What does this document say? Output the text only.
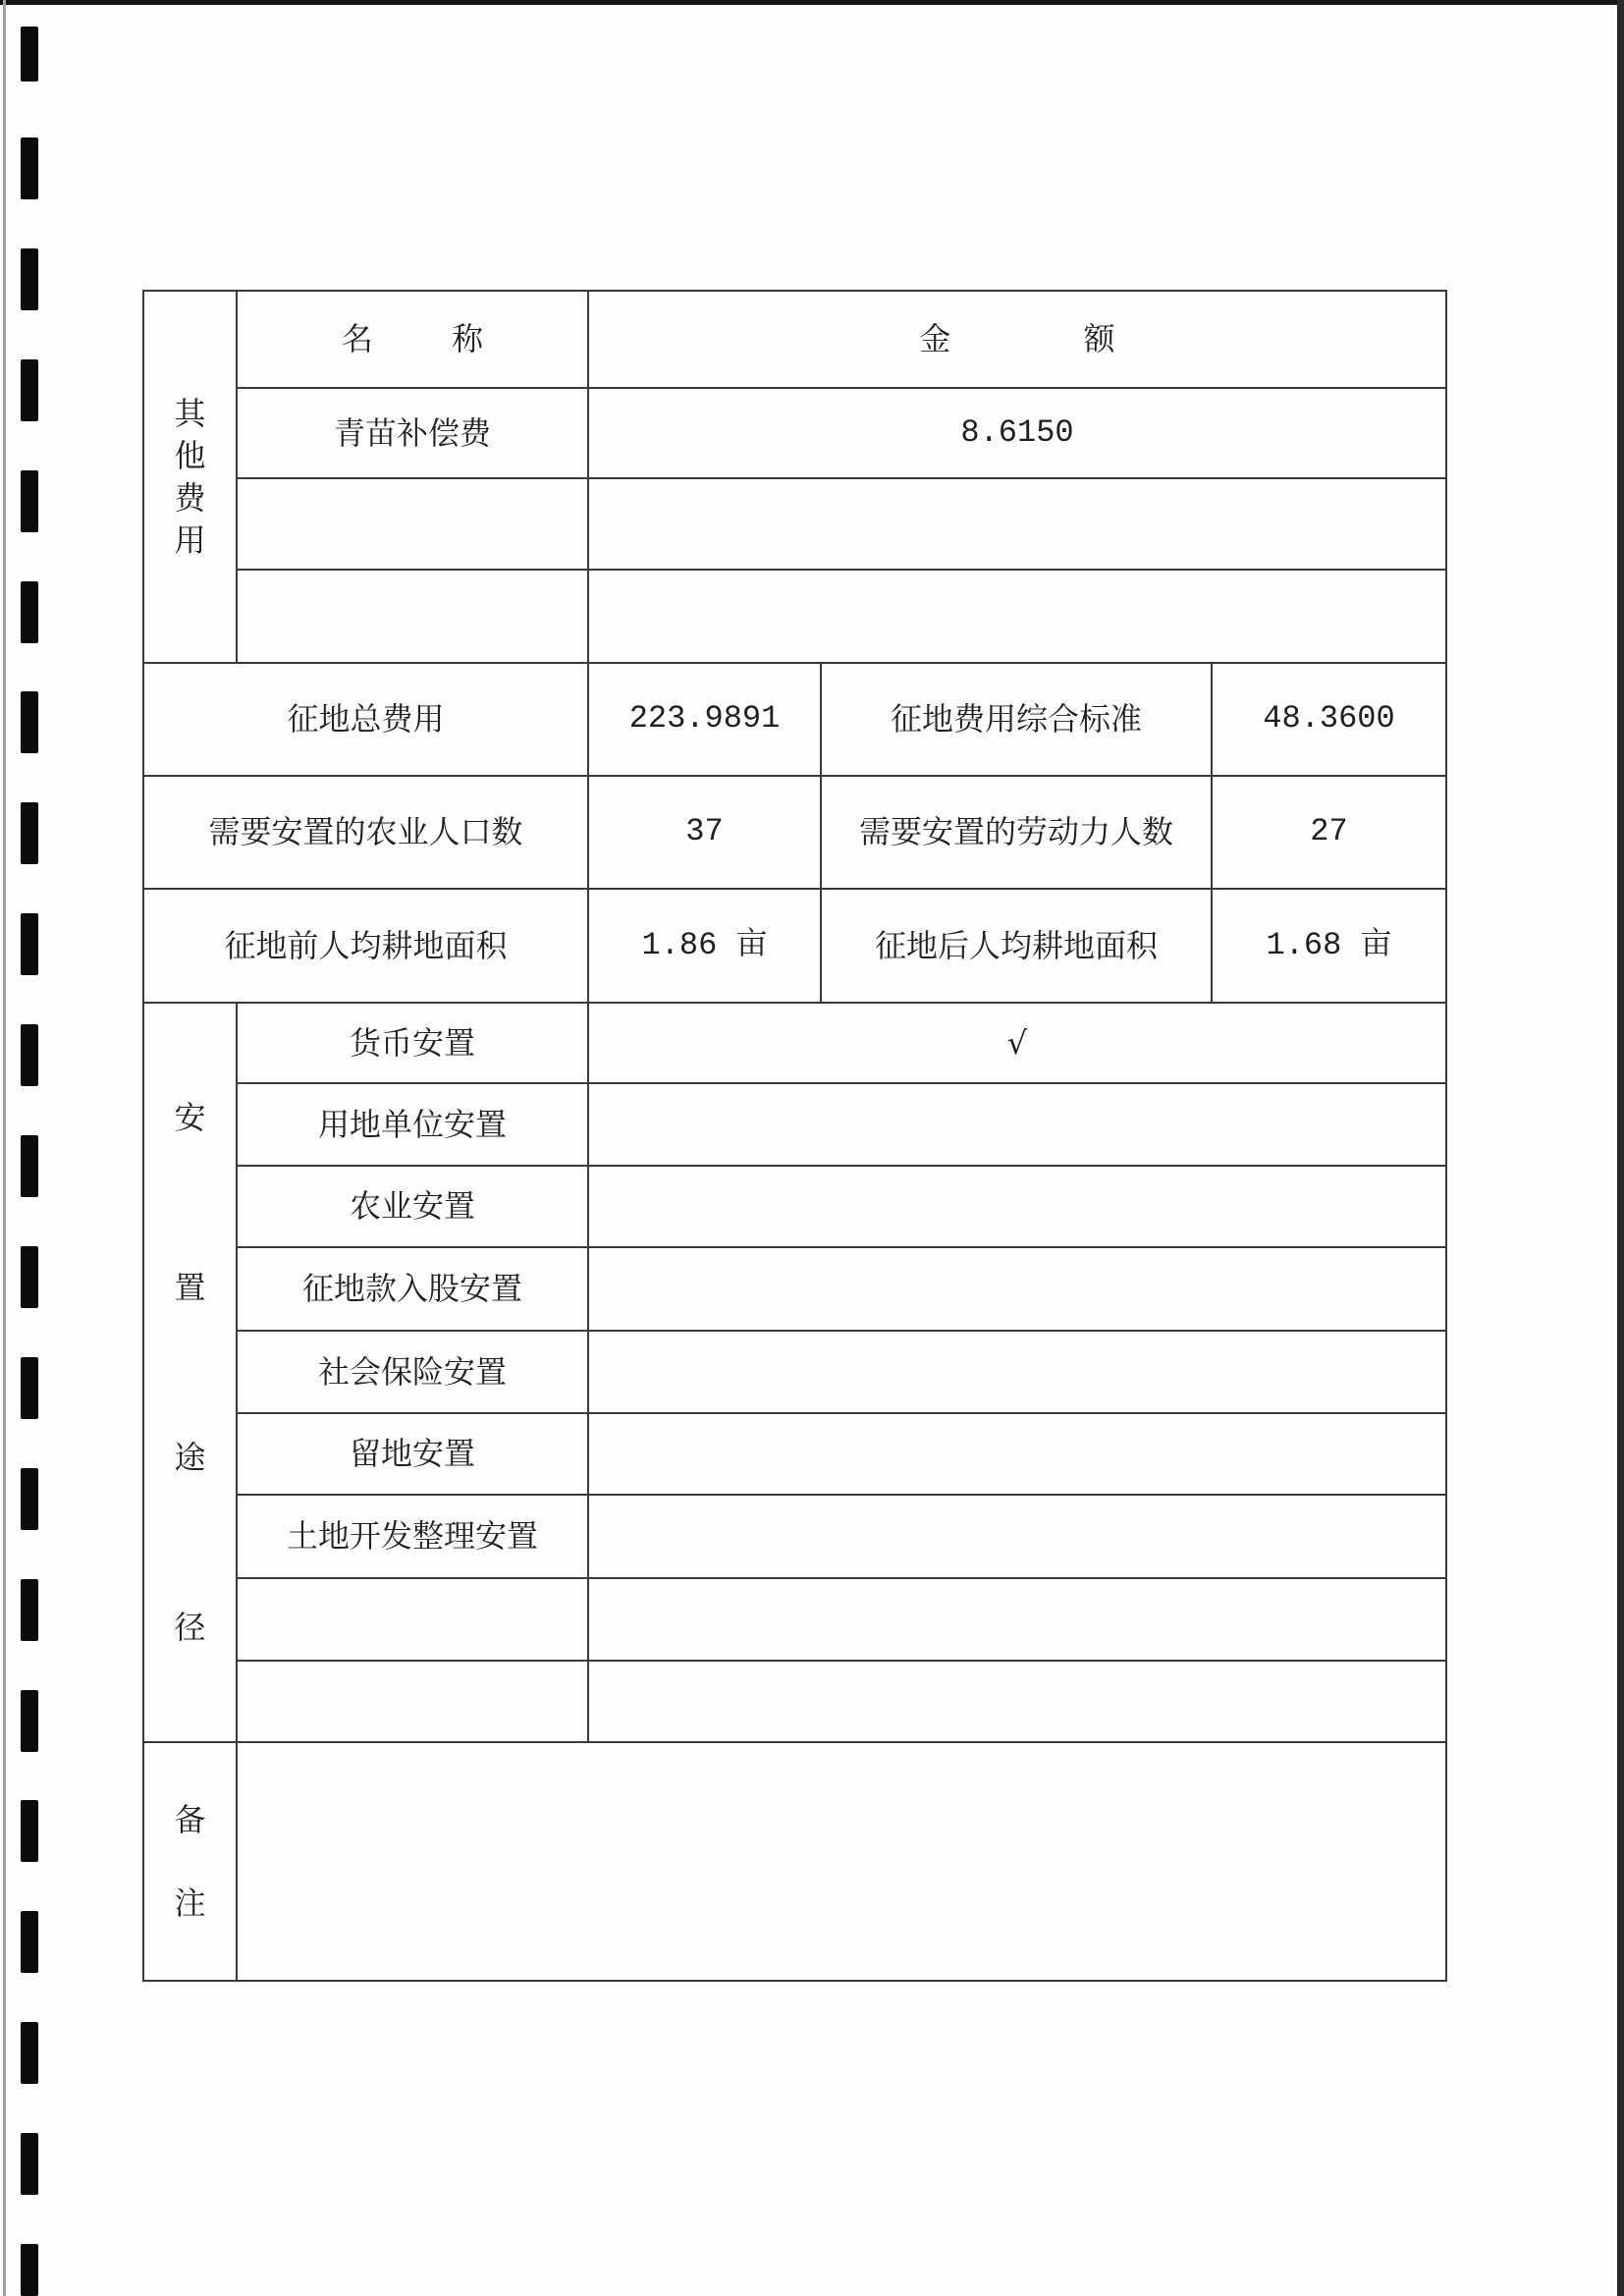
其他费用	名 称	金 额		
	青苗补偿费	8.6150		

征地总费用		223.9891	征地费用综合标准	48.3600
需要安置的农业人口数		37	需要安置的劳动力人数	27
征地前人均耕地面积		1.86 亩	征地后人均耕地面积	1.68 亩

安置途径	货币安置	√		
	用地单位安置			
	农业安置			
	征地款入股安置			
	社会保险安置			
	留地安置			
	土地开发整理安置			

备注				
